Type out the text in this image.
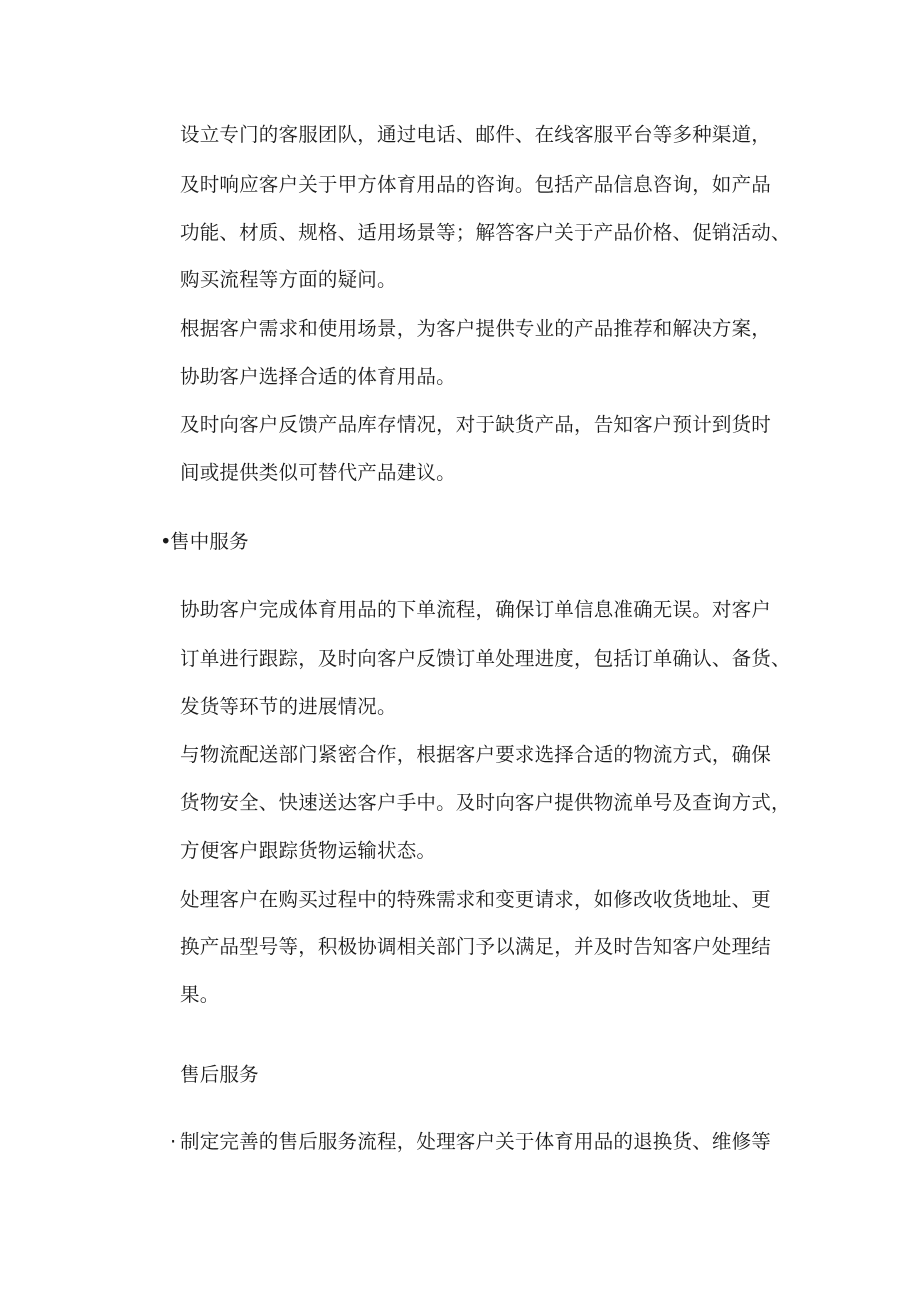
设立专门的客服团队，通过电话、邮件、在线客服平台等多种渠道，
及时响应客户关于甲方体育用品的咨询。包括产品信息咨询，如产品
功能、材质、规格、适用场景等；解答客户关于产品价格、促销活动、
购买流程等方面的疑问。
根据客户需求和使用场景，为客户提供专业的产品推荐和解决方案，
协助客户选择合适的体育用品。
及时向客户反馈产品库存情况，对于缺货产品，告知客户预计到货时
间或提供类似可替代产品建议。
•售中服务
协助客户完成体育用品的下单流程，确保订单信息准确无误。对客户
订单进行跟踪，及时向客户反馈订单处理进度，包括订单确认、备货、
发货等环节的进展情况。
与物流配送部门紧密合作，根据客户要求选择合适的物流方式，确保
货物安全、快速送达客户手中。及时向客户提供物流单号及查询方式，
方便客户跟踪货物运输状态。
处理客户在购买过程中的特殊需求和变更请求，如修改收货地址、更
换产品型号等，积极协调相关部门予以满足，并及时告知客户处理结
果。
售后服务
· 制定完善的售后服务流程，处理客户关于体育用品的退换货、维修等
